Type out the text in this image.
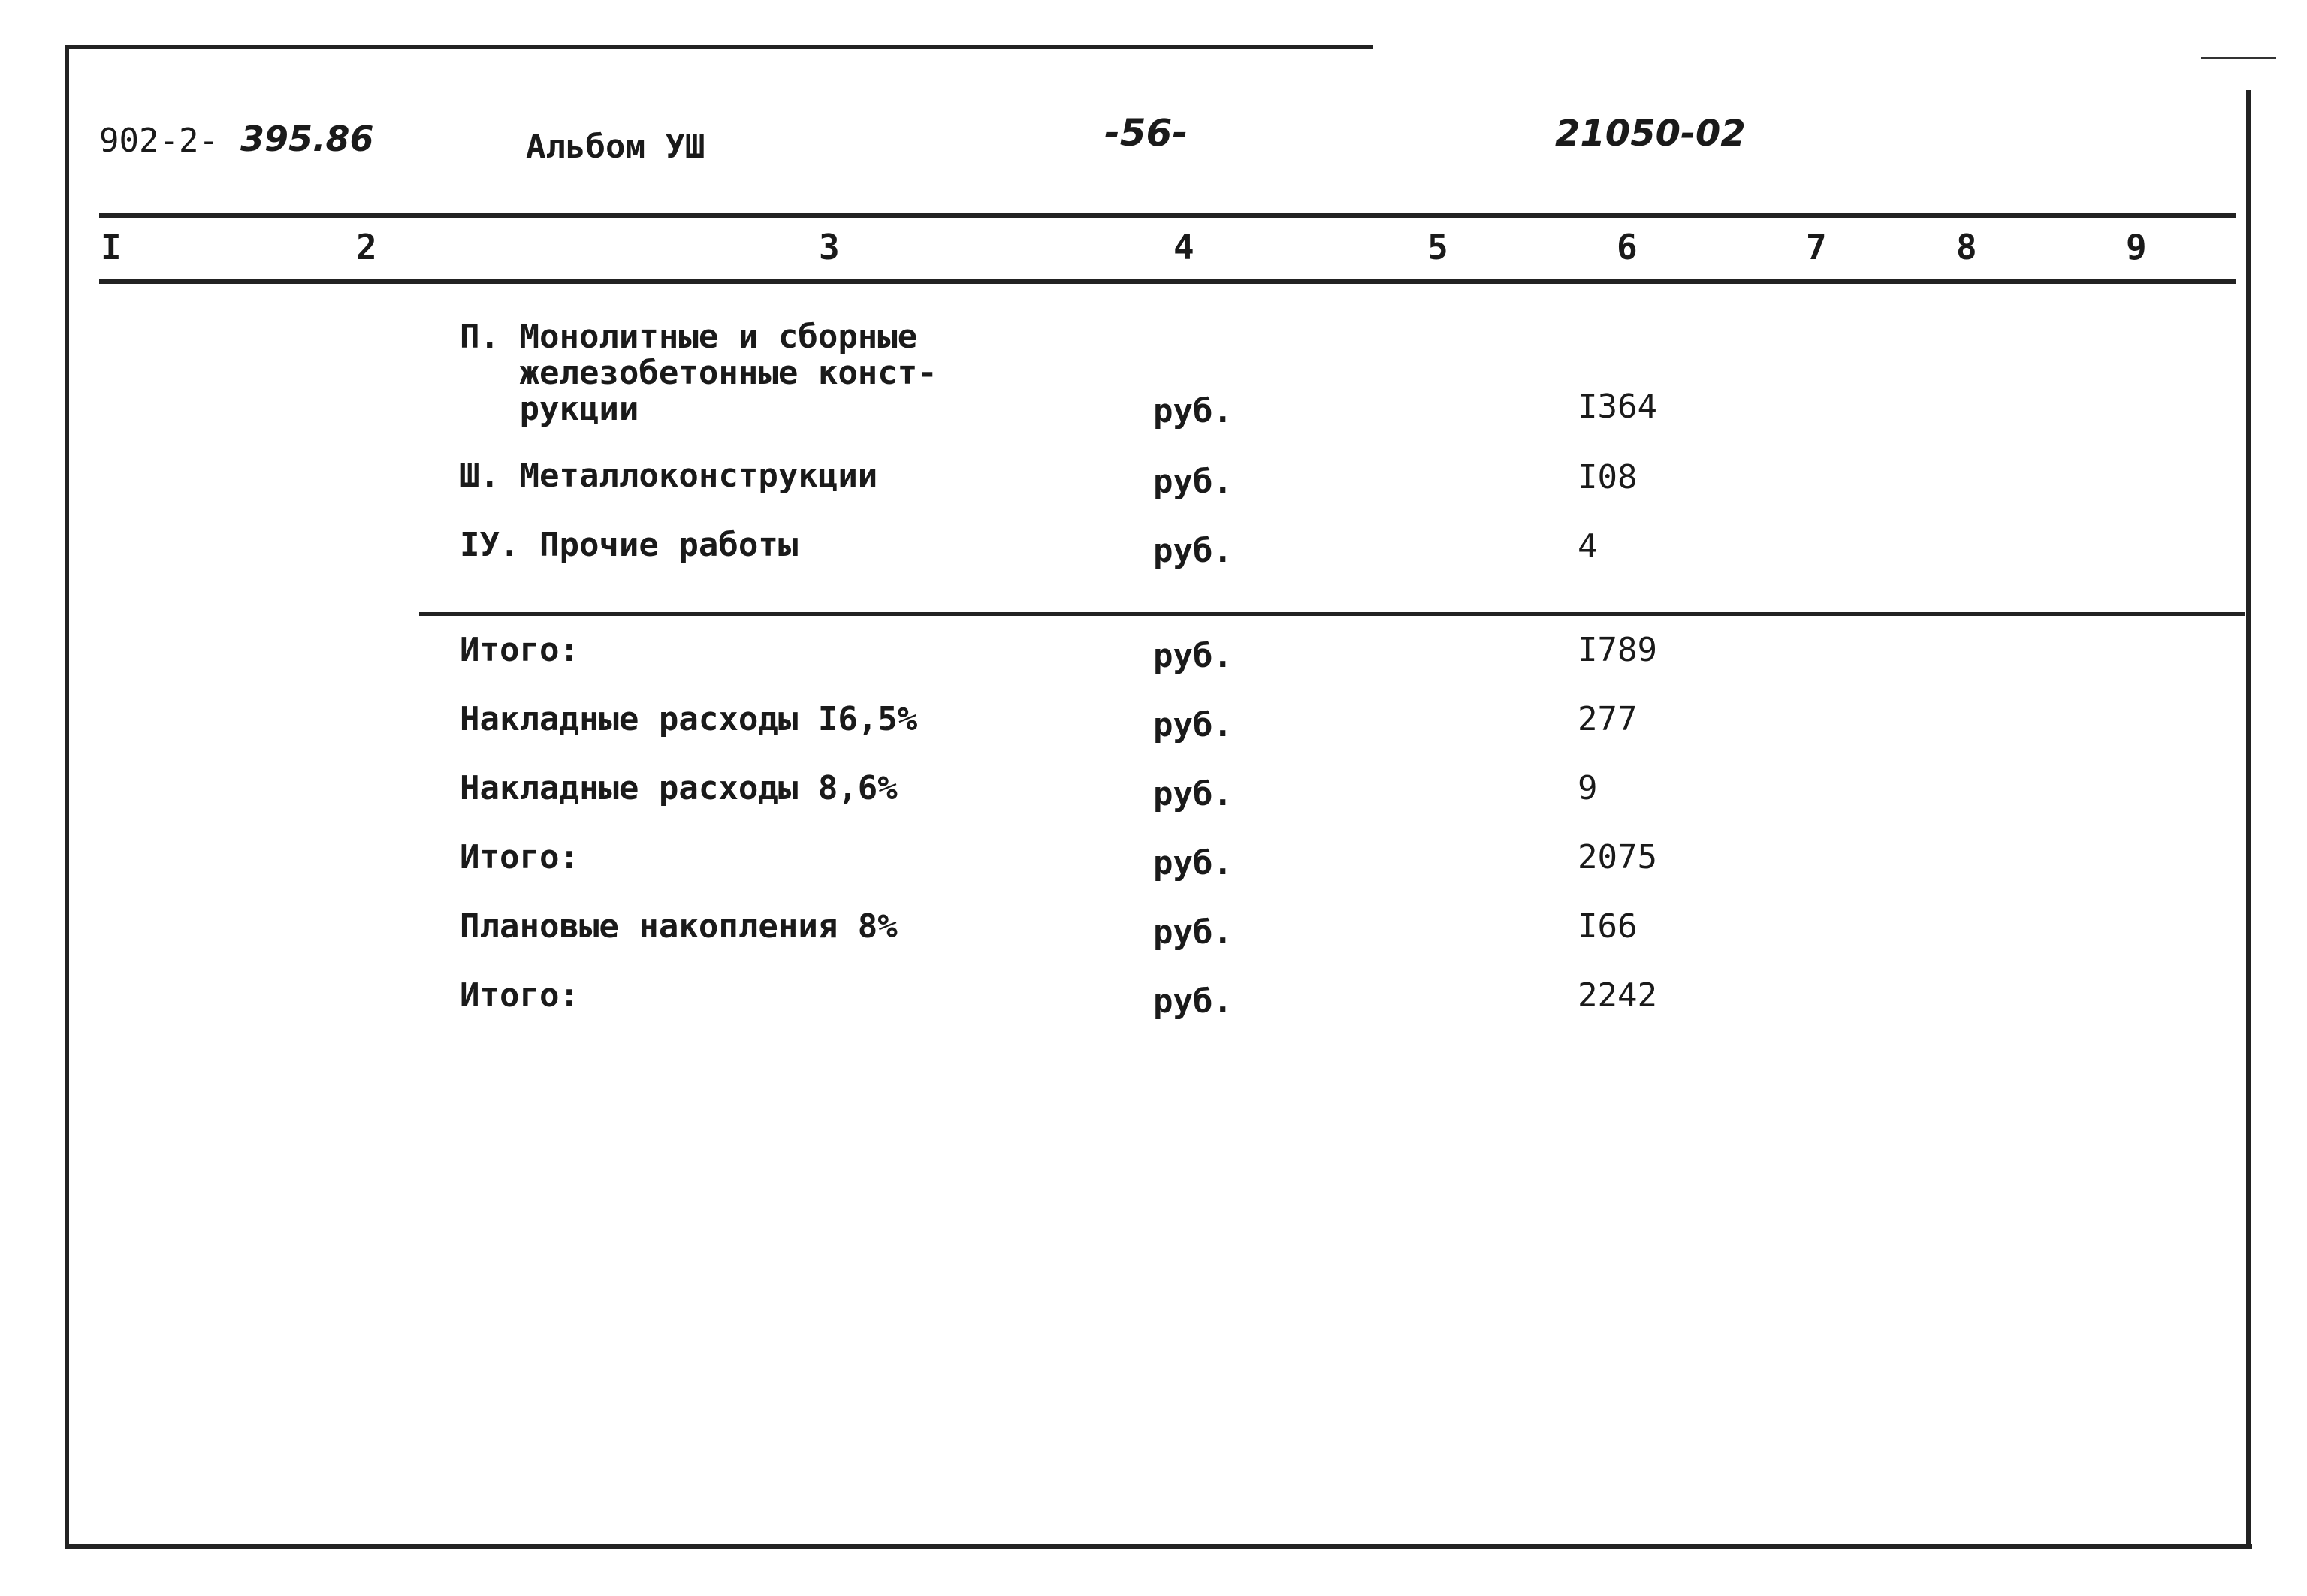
902-2- 395.86	Альбом УШ	-56-	21050-02
I	2	3	4	5	6	7	8	9
П. Монолитные и сборные
железобетонные конст-
рукции	руб.	I364
Ш. Металлоконструкции	руб.	I08
IУ. Прочие работы	руб.	4
Итого:	руб.	I789
Накладные расходы I6,5%	руб.	277
Накладные расходы 8,6%	руб.	9
Итого:	руб.	2075
Плановые накопления 8%	руб.	I66
Итого:	руб.	2242
